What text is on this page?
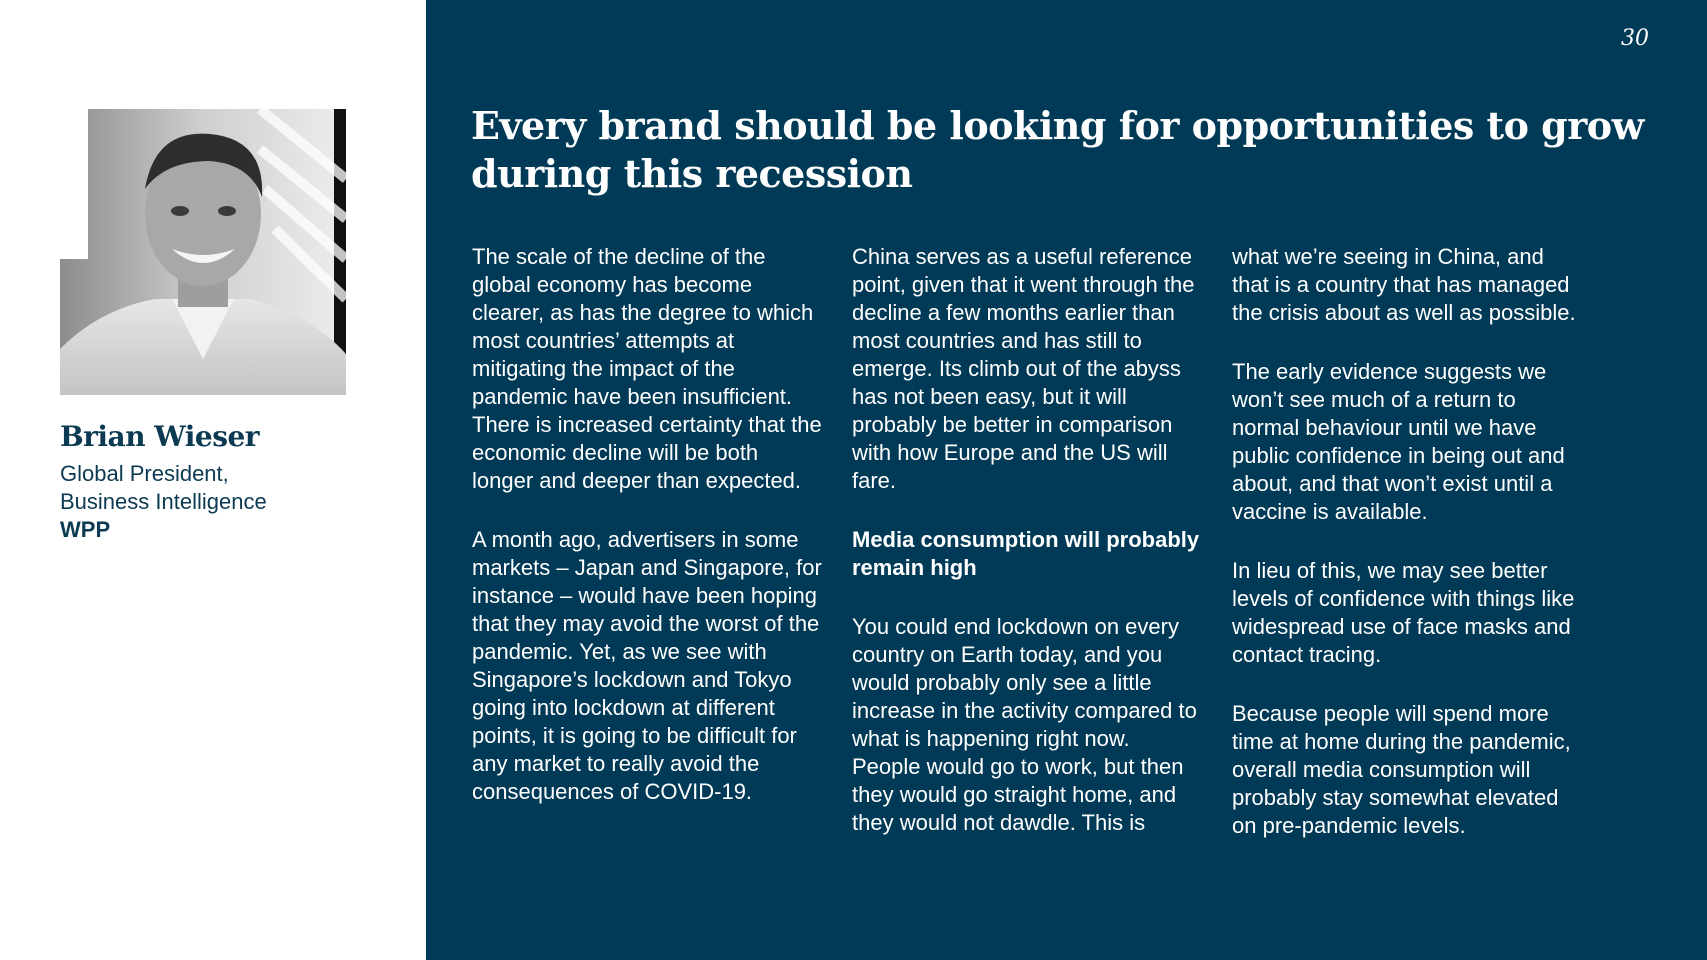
Brian Wieser
Global President,
Business Intelligence
WPP
30
Every brand should be looking for opportunities to grow during this recession

The scale of the decline of the global economy has become clearer, as has the degree to which most countries’ attempts at mitigating the impact of the pandemic have been insufficient. There is increased certainty that the economic decline will be both longer and deeper than expected.

A month ago, advertisers in some markets – Japan and Singapore, for instance – would have been hoping that they may avoid the worst of the pandemic. Yet, as we see with Singapore’s lockdown and Tokyo going into lockdown at different points, it is going to be difficult for any market to really avoid the consequences of COVID-19.

China serves as a useful reference point, given that it went through the decline a few months earlier than most countries and has still to emerge. Its climb out of the abyss has not been easy, but it will probably be better in comparison with how Europe and the US will fare.

Media consumption will probably remain high

You could end lockdown on every country on Earth today, and you would probably only see a little increase in the activity compared to what is happening right now. People would go to work, but then they would go straight home, and they would not dawdle. This is

what we’re seeing in China, and that is a country that has managed the crisis about as well as possible.

The early evidence suggests we won’t see much of a return to normal behaviour until we have public confidence in being out and about, and that won’t exist until a vaccine is available.

In lieu of this, we may see better levels of confidence with things like widespread use of face masks and contact tracing.

Because people will spend more time at home during the pandemic, overall media consumption will probably stay somewhat elevated on pre-pandemic levels.
